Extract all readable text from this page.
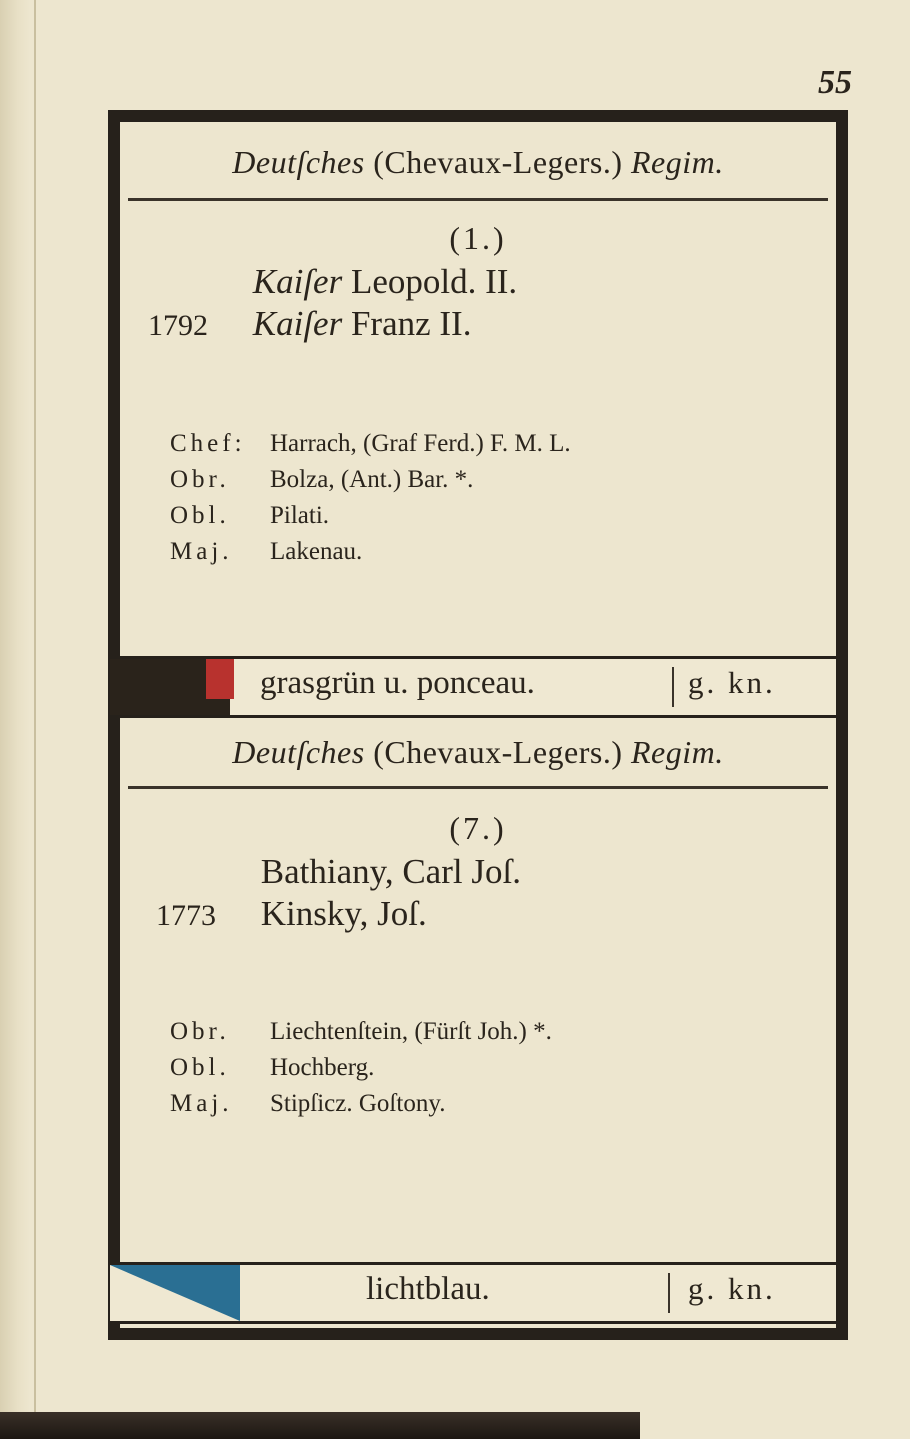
55
Deutſches (Chevaux-Legers.) Regim.
(1.)
Kaiſer Leopold. II.
1792 Kaiſer Franz II.
Chef: Harrach, (Graf Ferd.) F. M. L.
Obr. Bolza, (Ant.) Bar. *.
Obl. Pilati.
Maj. Lakenau.
grasgrün u. ponceau.	g. kn.
Deutſches (Chevaux-Legers.) Regim.
(7.)
Bathiany, Carl Joſ.
1773 Kinsky, Joſ.
Obr. Liechtenſtein, (Fürſt Joh.) *.
Obl. Hochberg.
Maj. Stipſicz. Goſtony.
lichtblau.	g. kn.
